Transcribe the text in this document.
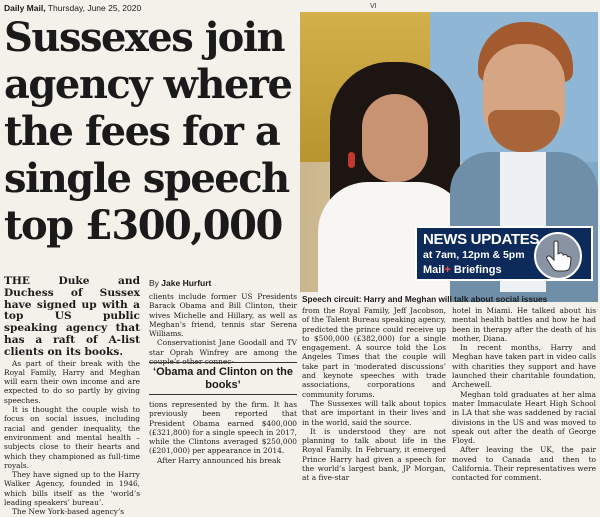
Daily Mail, Thursday, June 25, 2020	VI
Sussexes join
agency where
the fees for a
single speech
top £300,000	NEWS UPDATES
at 7am, 12pm & 5pm
Mail+ Briefings
Speech circuit: Harry and Meghan will talk about social issues

THE Duke and Duchess of Sussex have signed up with a top US public speaking agency that has a raft of A-list clients on its books.

As part of their break with the Royal Family, Harry and Meghan will earn their own income and are expected to do so partly by giving speeches.

It is thought the couple wish to focus on social issues, including racial and gender inequality, the environment and mental health – subjects close to their hearts and which they championed as full-time royals.

They have signed up to the Harry Walker Agency, founded in 1946, which bills itself as the ‘world’s leading speakers’ bureau’.

The New York-based agency’s

By Jake Hurfurt

clients include former US Presidents Barack Obama and Bill Clinton, their wives Michelle and Hillary, as well as Meghan’s friend, tennis star Serena Williams.

Conservationist Jane Goodall and TV star Oprah Winfrey are among the couple’s other connec-

‘Obama and Clinton on the books’

tions represented by the firm. It has previously been reported that President Obama earned $400,000 (£321,800) for a single speech in 2017, while the Clintons averaged $250,000 (£201,000) per appearance in 2014.

After Harry announced his break

from the Royal Family, Jeff Jacobson, of the Talent Bureau speaking agency, predicted the prince could receive up to $500,000 (£382,000) for a single engagement. A source told the Los Angeles Times that the couple will take part in ‘moderated discussions’ and keynote speeches with trade associations, corporations and community forums.

The Sussexes will talk about topics that are important in their lives and in the world, said the source.

It is understood they are not planning to talk about life in the Royal Family. In February, it emerged Prince Harry had given a speech for the world’s largest bank, JP Morgan, at a five-star

hotel in Miami. He talked about his mental health battles and how he had been in therapy after the death of his mother, Diana.

In recent months, Harry and Meghan have taken part in video calls with charities they support and have launched their charitable foundation, Archewell.

Meghan told graduates at her alma mater Immaculate Heart High School in LA that she was saddened by racial divisions in the US and was moved to speak out after the death of George Floyd.

After leaving the UK, the pair moved to Canada and then to California. Their representatives were contacted for comment.
